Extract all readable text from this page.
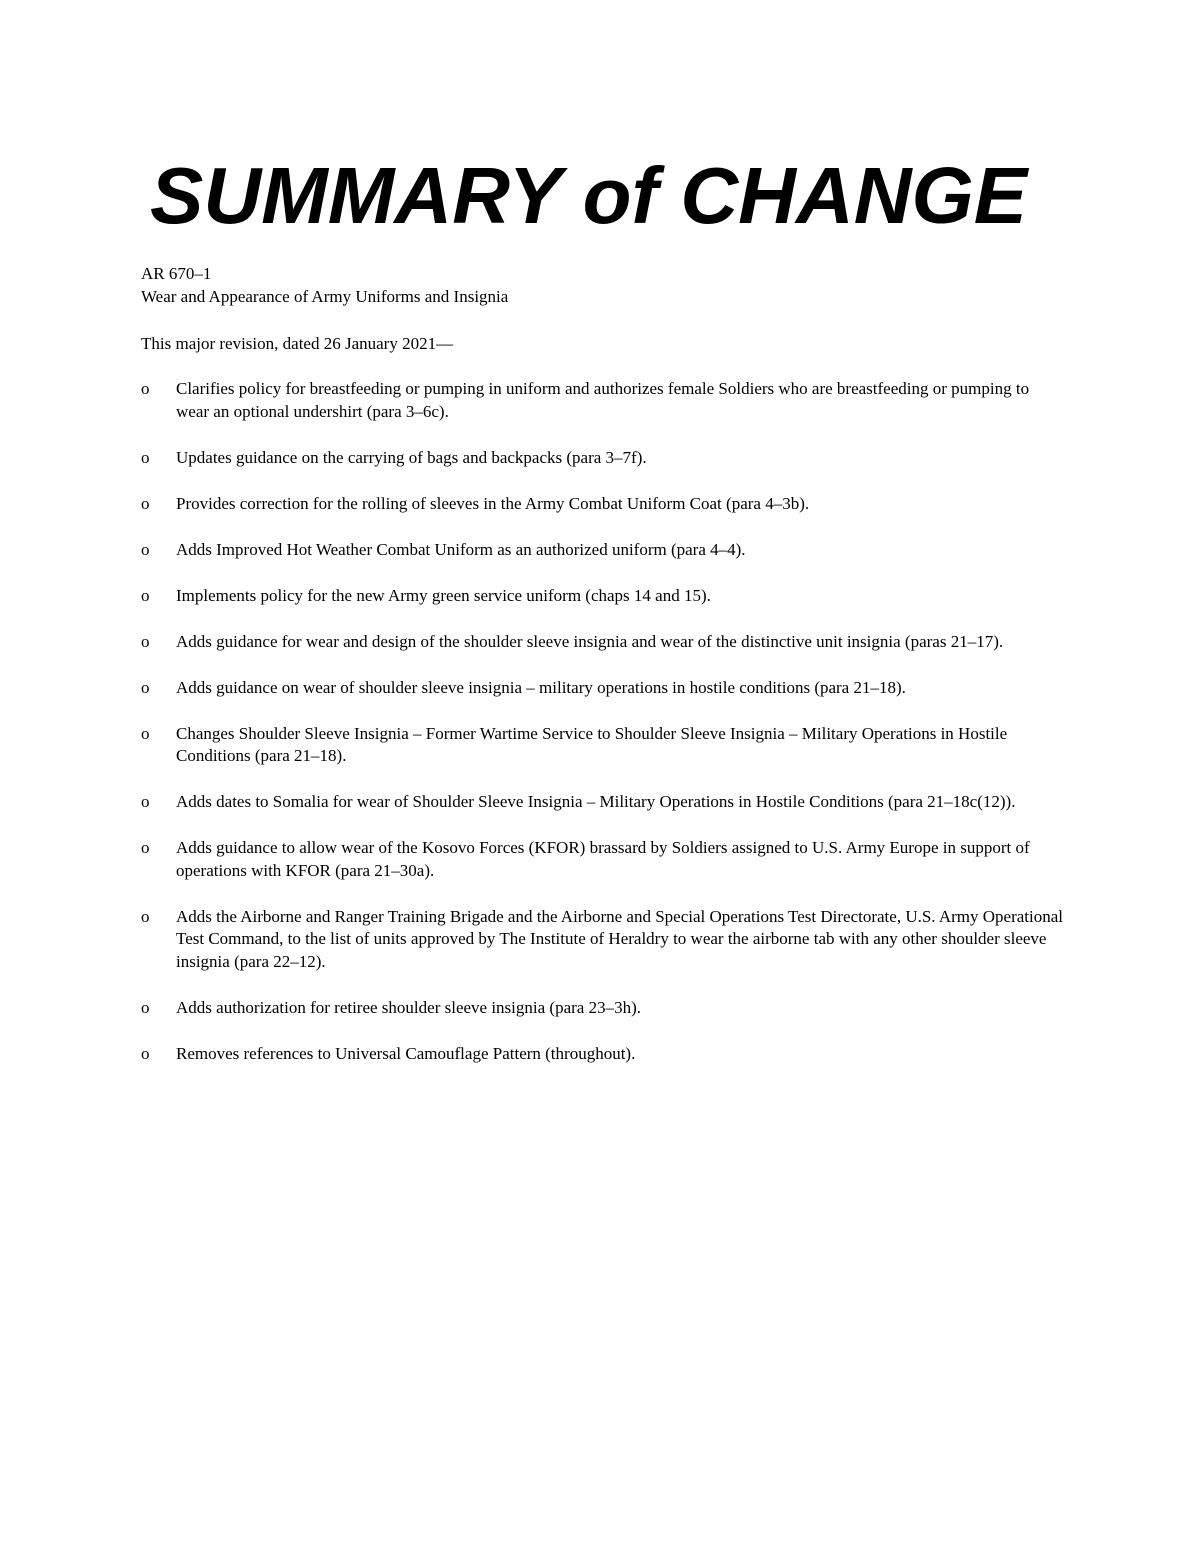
SUMMARY of CHANGE
AR 670–1
Wear and Appearance of Army Uniforms and Insignia
This major revision, dated 26 January 2021—
o	Clarifies policy for breastfeeding or pumping in uniform and authorizes female Soldiers who are breastfeeding or pumping to wear an optional undershirt (para 3–6c).
o	Updates guidance on the carrying of bags and backpacks (para 3–7f).
o	Provides correction for the rolling of sleeves in the Army Combat Uniform Coat (para 4–3b).
o	Adds Improved Hot Weather Combat Uniform as an authorized uniform (para 4–4).
o	Implements policy for the new Army green service uniform (chaps 14 and 15).
o	Adds guidance for wear and design of the shoulder sleeve insignia and wear of the distinctive unit insignia (paras 21–17).
o	Adds guidance on wear of shoulder sleeve insignia – military operations in hostile conditions (para 21–18).
o	Changes Shoulder Sleeve Insignia – Former Wartime Service to Shoulder Sleeve Insignia – Military Operations in Hostile Conditions (para 21–18).
o	Adds dates to Somalia for wear of Shoulder Sleeve Insignia – Military Operations in Hostile Conditions (para 21–18c(12)).
o	Adds guidance to allow wear of the Kosovo Forces (KFOR) brassard by Soldiers assigned to U.S. Army Europe in support of operations with KFOR (para 21–30a).
o	Adds the Airborne and Ranger Training Brigade and the Airborne and Special Operations Test Directorate, U.S. Army Operational Test Command, to the list of units approved by The Institute of Heraldry to wear the airborne tab with any other shoulder sleeve insignia (para 22–12).
o	Adds authorization for retiree shoulder sleeve insignia (para 23–3h).
o	Removes references to Universal Camouflage Pattern (throughout).
